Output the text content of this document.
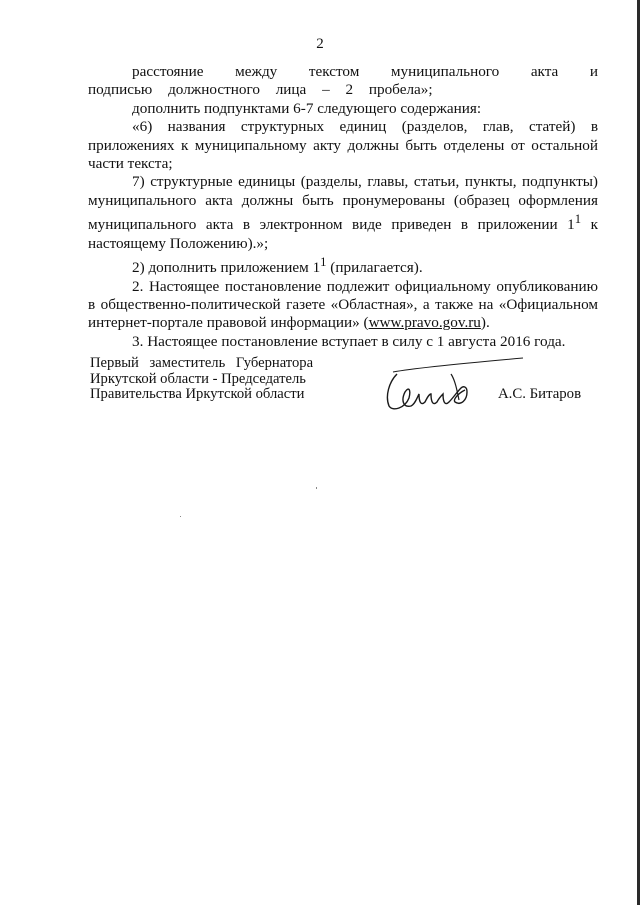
2

расстояние между текстом муниципального акта и подписью должностного лица – 2 пробела»;

дополнить подпунктами 6-7 следующего содержания:

«6) названия структурных единиц (разделов, глав, статей) в приложениях к муниципальному акту должны быть отделены от остальной части текста;

7) структурные единицы (разделы, главы, статьи, пункты, подпункты) муниципального акта должны быть пронумерованы (образец оформления муниципального акта в электронном виде приведен в приложении $1^1$ к настоящему Положению).»;

2) дополнить приложением $1^1$ (прилагается).

2. Настоящее постановление подлежит официальному опубликованию в общественно-политической газете «Областная», а также на «Официальном интернет-портале правовой информации» (www.pravo.gov.ru).

3. Настоящее постановление вступает в силу с 1 августа 2016 года.

Первый заместитель Губернатора
Иркутской области - Председатель
Правительства Иркутской области	А.С. Битаров
